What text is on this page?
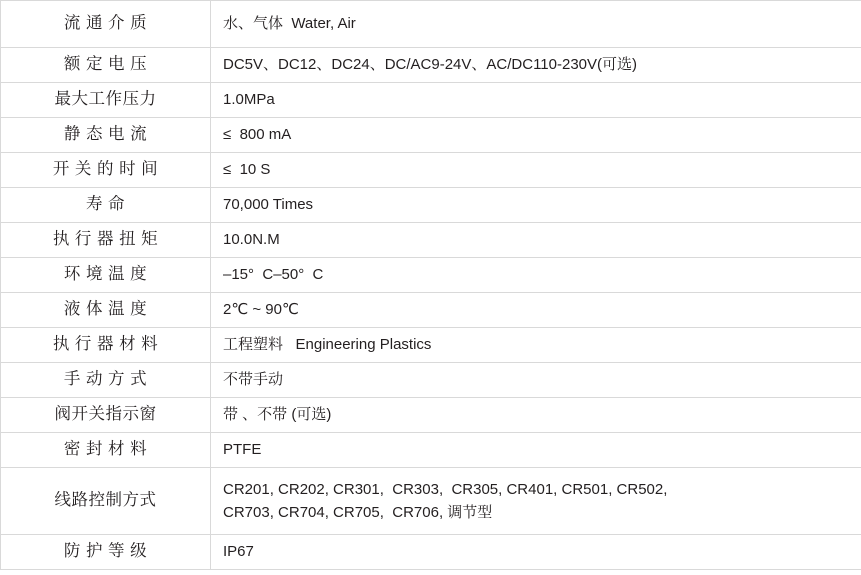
流 通 介 质	水、气体  Water, Air

额 定 电 压	DC5V、DC12、DC24、DC/AC9-24V、AC/DC110-230V(可选)

最大工作压力	1.0MPa

静 态 电 流	≤  800 mA

开 关 的 时 间	≤  10 S

寿 命	70,000 Times

执 行 器 扭 矩	10.0N.M

环 境 温 度	–15°  C–50°  C

液 体 温 度	2℃ ~ 90℃

执 行 器 材 料	工程塑料   Engineering Plastics

手 动 方 式	不带手动

阀开关指示窗	带 、不带 (可选)

密 封 材 料	PTFE

线路控制方式	CR201, CR202, CR301,  CR303,  CR305, CR401, CR501, CR502,
CR703, CR704, CR705,  CR706, 调节型

防 护 等 级	IP67
